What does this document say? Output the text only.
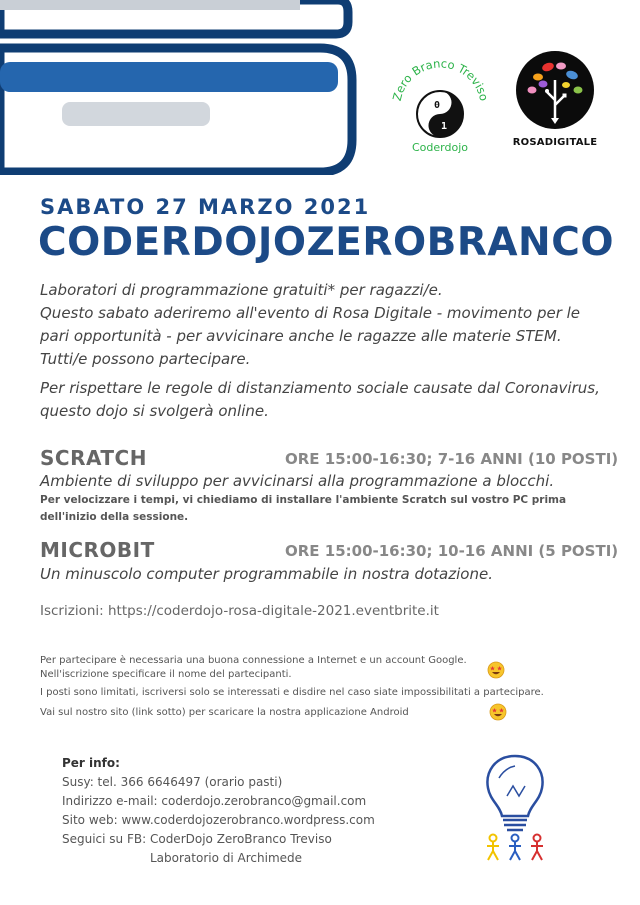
Zero Branco Treviso
0
1
Coderdojo	ROSADIGITALE
SABATO 27 MARZO 2021
CODERDOJOZEROBRANCO
Laboratori di programmazione gratuiti* per ragazzi/e.
Questo sabato aderiremo all'evento di Rosa Digitale - movimento per le
pari opportunità - per avvicinare anche le ragazze alle materie STEM.
Tutti/e possono partecipare.
Per rispettare le regole di distanziamento sociale causate dal Coronavirus,
questo dojo si svolgerà online.
SCRATCH	ORE 15:00-16:30; 7-16 ANNI (10 POSTI)
Ambiente di sviluppo per avvicinarsi alla programmazione a blocchi.
Per velocizzare i tempi, vi chiediamo di installare l'ambiente Scratch sul vostro PC prima
dell'inizio della sessione.
MICROBIT	ORE 15:00-16:30; 10-16 ANNI (5 POSTI)
Un minuscolo computer programmabile in nostra dotazione.
Iscrizioni: https://coderdojo-rosa-digitale-2021.eventbrite.it
Per partecipare è necessaria una buona connessione a Internet e un account Google.
Nell'iscrizione specificare il nome del partecipanti.
I posti sono limitati, iscriversi solo se interessati e disdire nel caso siate impossibilitati a partecipare.
Vai sul nostro sito (link sotto) per scaricare la nostra applicazione Android
Per info:
Susy: tel. 366 6646497 (orario pasti)
Indirizzo e-mail: coderdojo.zerobranco@gmail.com
Sito web: www.coderdojozerobranco.wordpress.com
Seguici su FB: CoderDojo ZeroBranco Treviso
Laboratorio di Archimede
